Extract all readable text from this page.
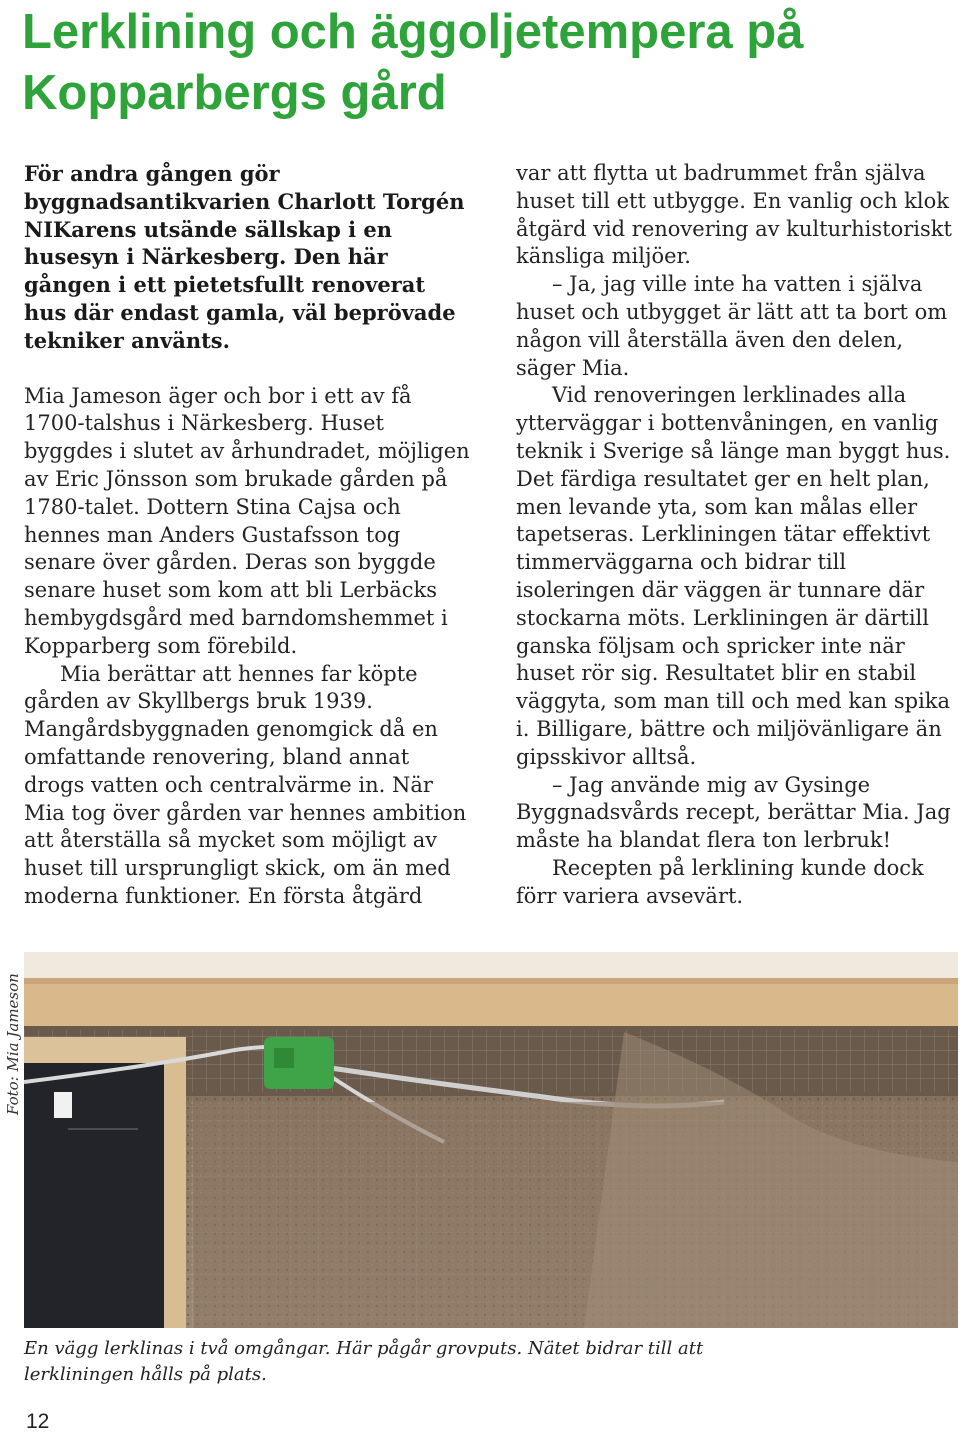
Lerklining och äggoljetempera på Kopparbergs gård

För andra gången gör byggnadsantikvarien Charlott Torgén NIKarens utsände sällskap i en husesyn i Närkesberg. Den här gången i ett pietetsfullt renoverat hus där endast gamla, väl beprövade tekniker använts.

Mia Jameson äger och bor i ett av få 1700-talshus i Närkesberg. Huset byggdes i slutet av århundradet, möjligen av Eric Jönsson som brukade gården på 1780-talet. Dottern Stina Cajsa och hennes man Anders Gustafsson tog senare över gården. Deras son byggde senare huset som kom att bli Lerbäcks hembygdsgård med barndomshemmet i Kopparberg som förebild.

Mia berättar att hennes far köpte gården av Skyllbergs bruk 1939. Mangårdsbyggnaden genomgick då en omfattande renovering, bland annat drogs vatten och centralvärme in. När Mia tog över gården var hennes ambition att återställa så mycket som möjligt av huset till ursprungligt skick, om än med moderna funktioner. En första åtgärd

var att flytta ut badrummet från själva huset till ett utbygge. En vanlig och klok åtgärd vid renovering av kulturhistoriskt känsliga miljöer.

– Ja, jag ville inte ha vatten i själva huset och utbygget är lätt att ta bort om någon vill återställa även den delen, säger Mia.

Vid renoveringen lerklinades alla ytterväggar i bottenvåningen, en vanlig teknik i Sverige så länge man byggt hus. Det färdiga resultatet ger en helt plan, men levande yta, som kan målas eller tapetseras. Lerkliningen tätar effektivt timmerväggarna och bidrar till isoleringen där väggen är tunnare där stockarna möts. Lerkliningen är därtill ganska följsam och spricker inte när huset rör sig. Resultatet blir en stabil väggyta, som man till och med kan spika i. Billigare, bättre och miljövänligare än gipsskivor alltså.

– Jag använde mig av Gysinge Byggnadsvårds recept, berättar Mia. Jag måste ha blandat flera ton lerbruk!

Recepten på lerklining kunde dock förr variera avsevärt.

Foto: Mia Jameson

En vägg lerklinas i två omgångar. Här pågår grovputs. Nätet bidrar till att lerkliningen hålls på plats.

12
